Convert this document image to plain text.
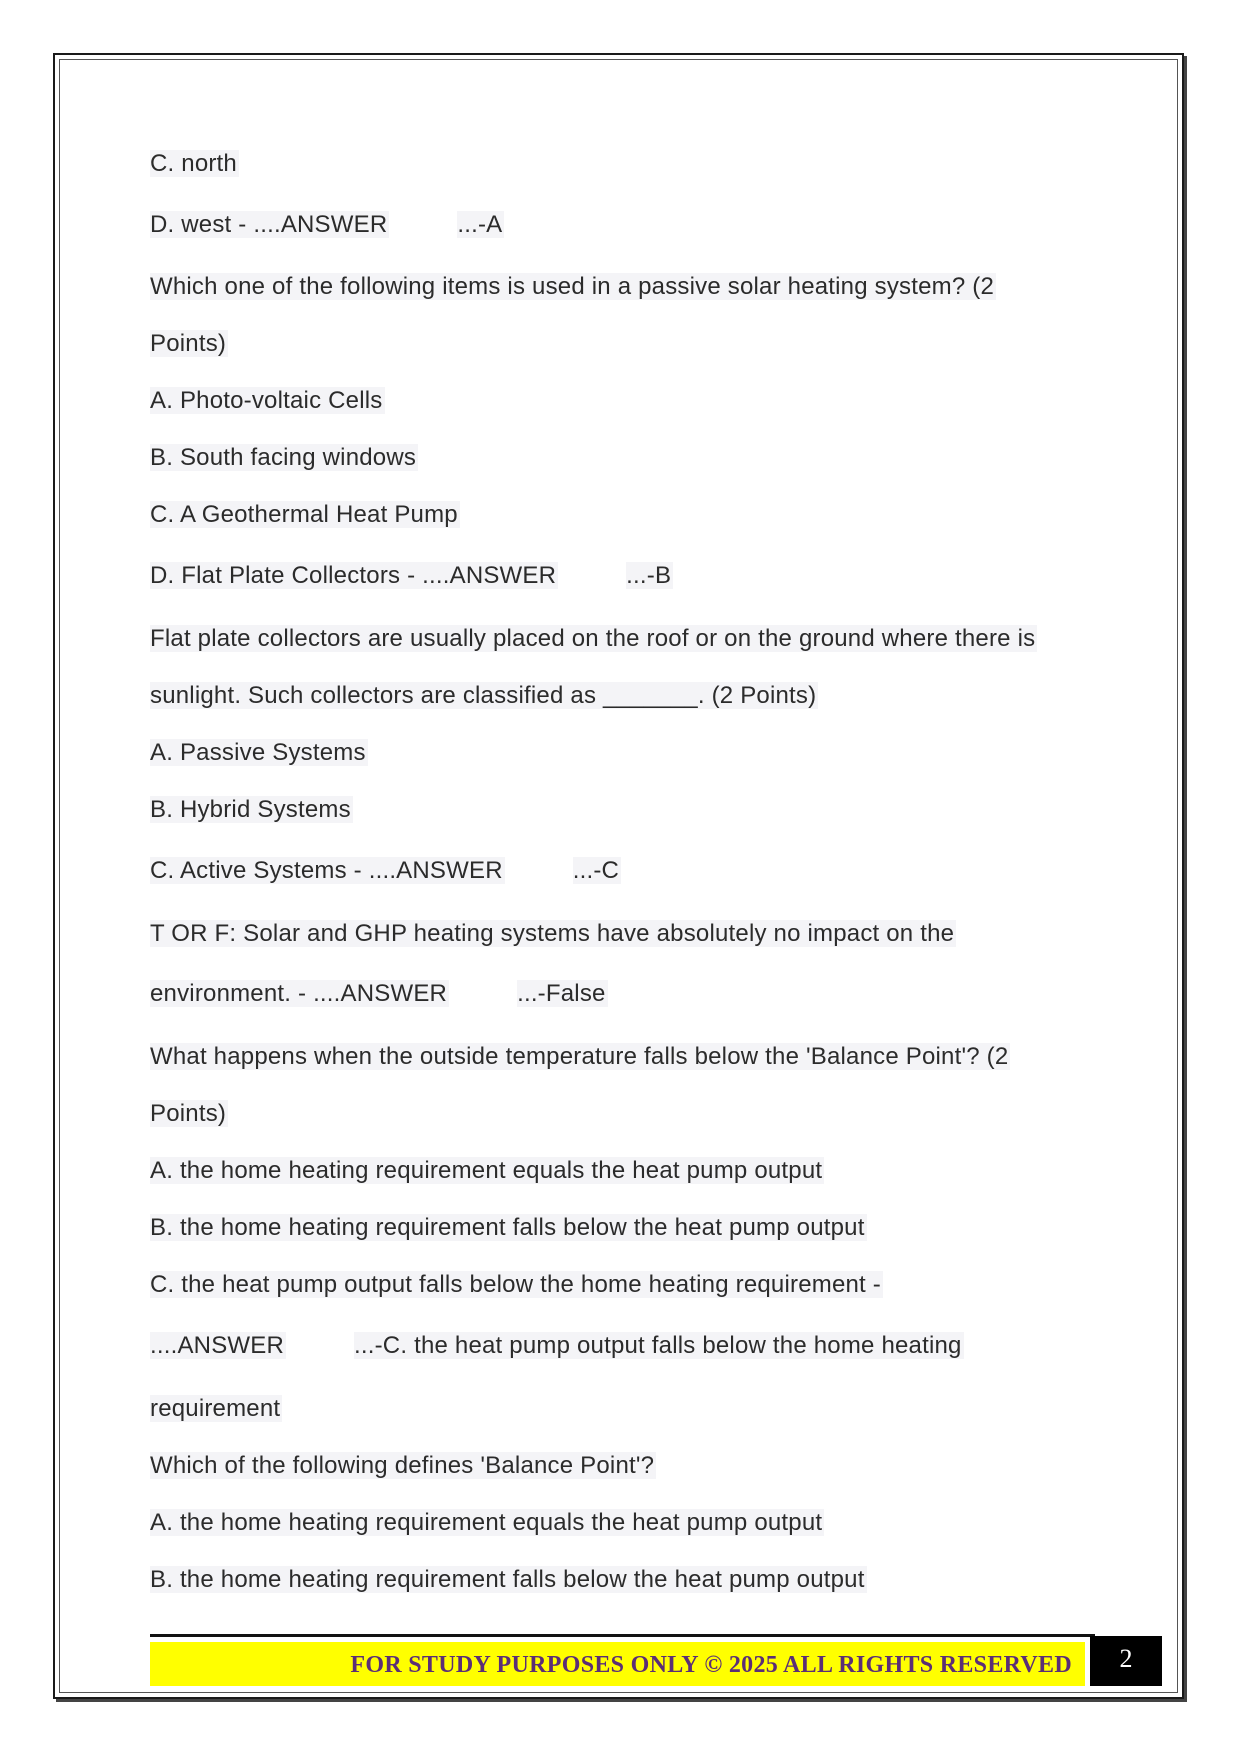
C. north
D. west - ....ANSWER	...-A
Which one of the following items is used in a passive solar heating system? (2
Points)
A. Photo-voltaic Cells
B. South facing windows
C. A Geothermal Heat Pump
D. Flat Plate Collectors - ....ANSWER	...-B
Flat plate collectors are usually placed on the roof or on the ground where there is
sunlight. Such collectors are classified as _______. (2 Points)
A. Passive Systems
B. Hybrid Systems
C. Active Systems - ....ANSWER	...-C
T OR F: Solar and GHP heating systems have absolutely no impact on the
environment. - ....ANSWER	...-False
What happens when the outside temperature falls below the 'Balance Point'? (2
Points)
A. the home heating requirement equals the heat pump output
B. the home heating requirement falls below the heat pump output
C. the heat pump output falls below the home heating requirement -
....ANSWER	...-C. the heat pump output falls below the home heating
requirement
Which of the following defines 'Balance Point'?
A. the home heating requirement equals the heat pump output
B. the home heating requirement falls below the heat pump output
FOR STUDY PURPOSES ONLY © 2025 ALL RIGHTS RESERVED	2
